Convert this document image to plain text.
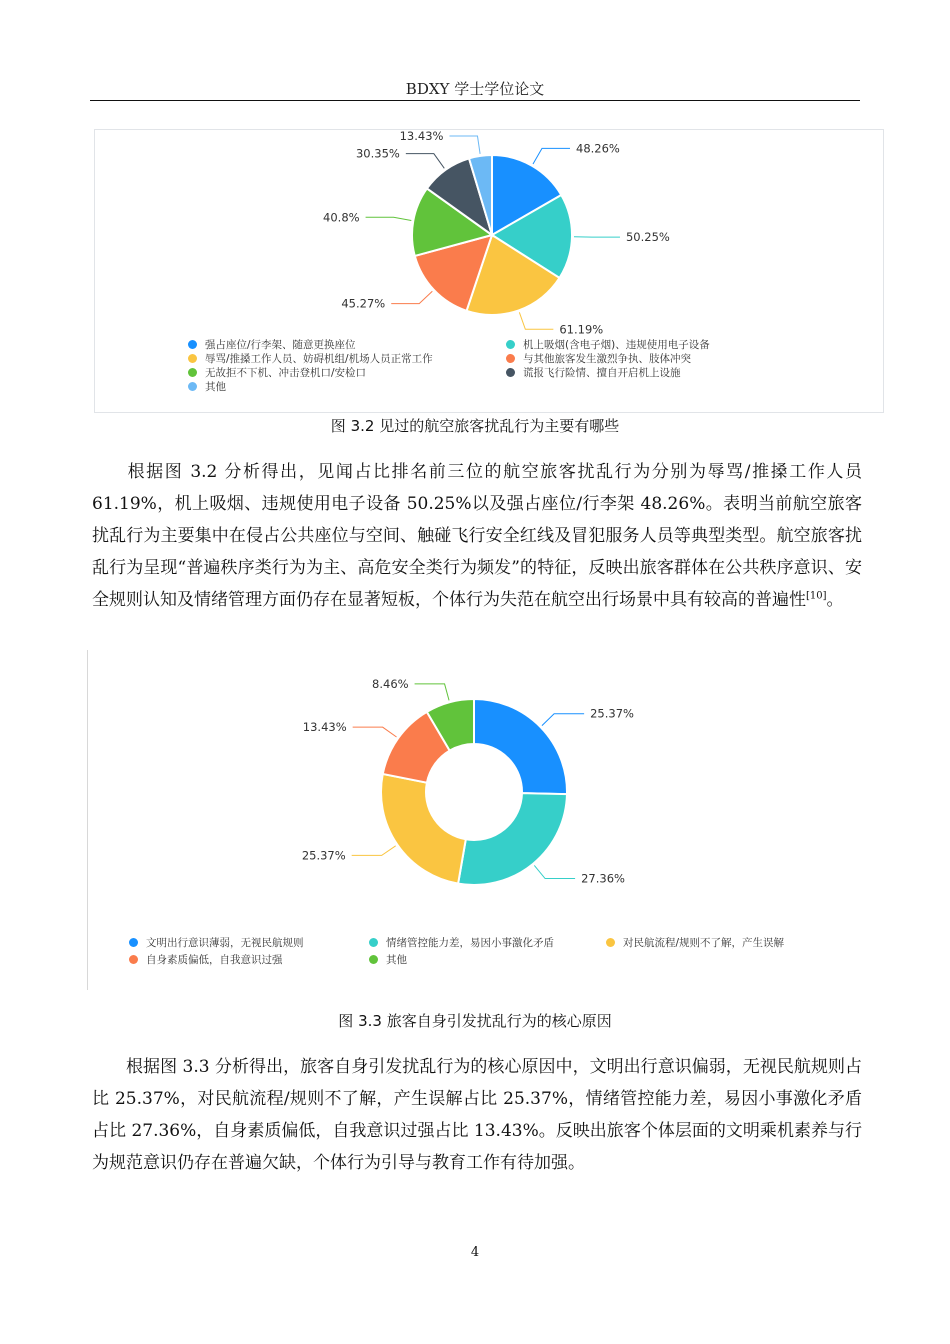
BDXY 学士学位论文
48.26%
50.25%
61.19%
45.27%
40.8%
30.35%
13.43%
强占座位/行李架、随意更换座位	机上吸烟(含电子烟)、违规使用电子设备
辱骂/推搡工作人员、妨碍机组/机场人员正常工作	与其他旅客发生激烈争执、肢体冲突
无故拒不下机、冲击登机口/安检口	谎报飞行险情、擅自开启机上设施
其他
图 3.2 见过的航空旅客扰乱行为主要有哪些
根据图 3.2 分析得出，见闻占比排名前三位的航空旅客扰乱行为分别为辱骂/推搡工作人员 61.19%，机上吸烟、违规使用电子设备 50.25%以及强占座位/行李架 48.26%。表明当前航空旅客扰乱行为主要集中在侵占公共座位与空间、触碰飞行安全红线及冒犯服务人员等典型类型。航空旅客扰乱行为呈现“普遍秩序类行为为主、高危安全类行为频发”的特征，反映出旅客群体在公共秩序意识、安全规则认知及情绪管理方面仍存在显著短板，个体行为失范在航空出行场景中具有较高的普遍性[10]。
25.37%
27.36%
25.37%
13.43%
8.46%
文明出行意识薄弱，无视民航规则	情绪管控能力差，易因小事激化矛盾	对民航流程/规则不了解，产生误解
自身素质偏低，自我意识过强	其他
图 3.3 旅客自身引发扰乱行为的核心原因
根据图 3.3 分析得出，旅客自身引发扰乱行为的核心原因中，文明出行意识偏弱，无视民航规则占比 25.37%，对民航流程/规则不了解，产生误解占比 25.37%，情绪管控能力差，易因小事激化矛盾占比 27.36%，自身素质偏低，自我意识过强占比 13.43%。反映出旅客个体层面的文明乘机素养与行为规范意识仍存在普遍欠缺，个体行为引导与教育工作有待加强。
4
